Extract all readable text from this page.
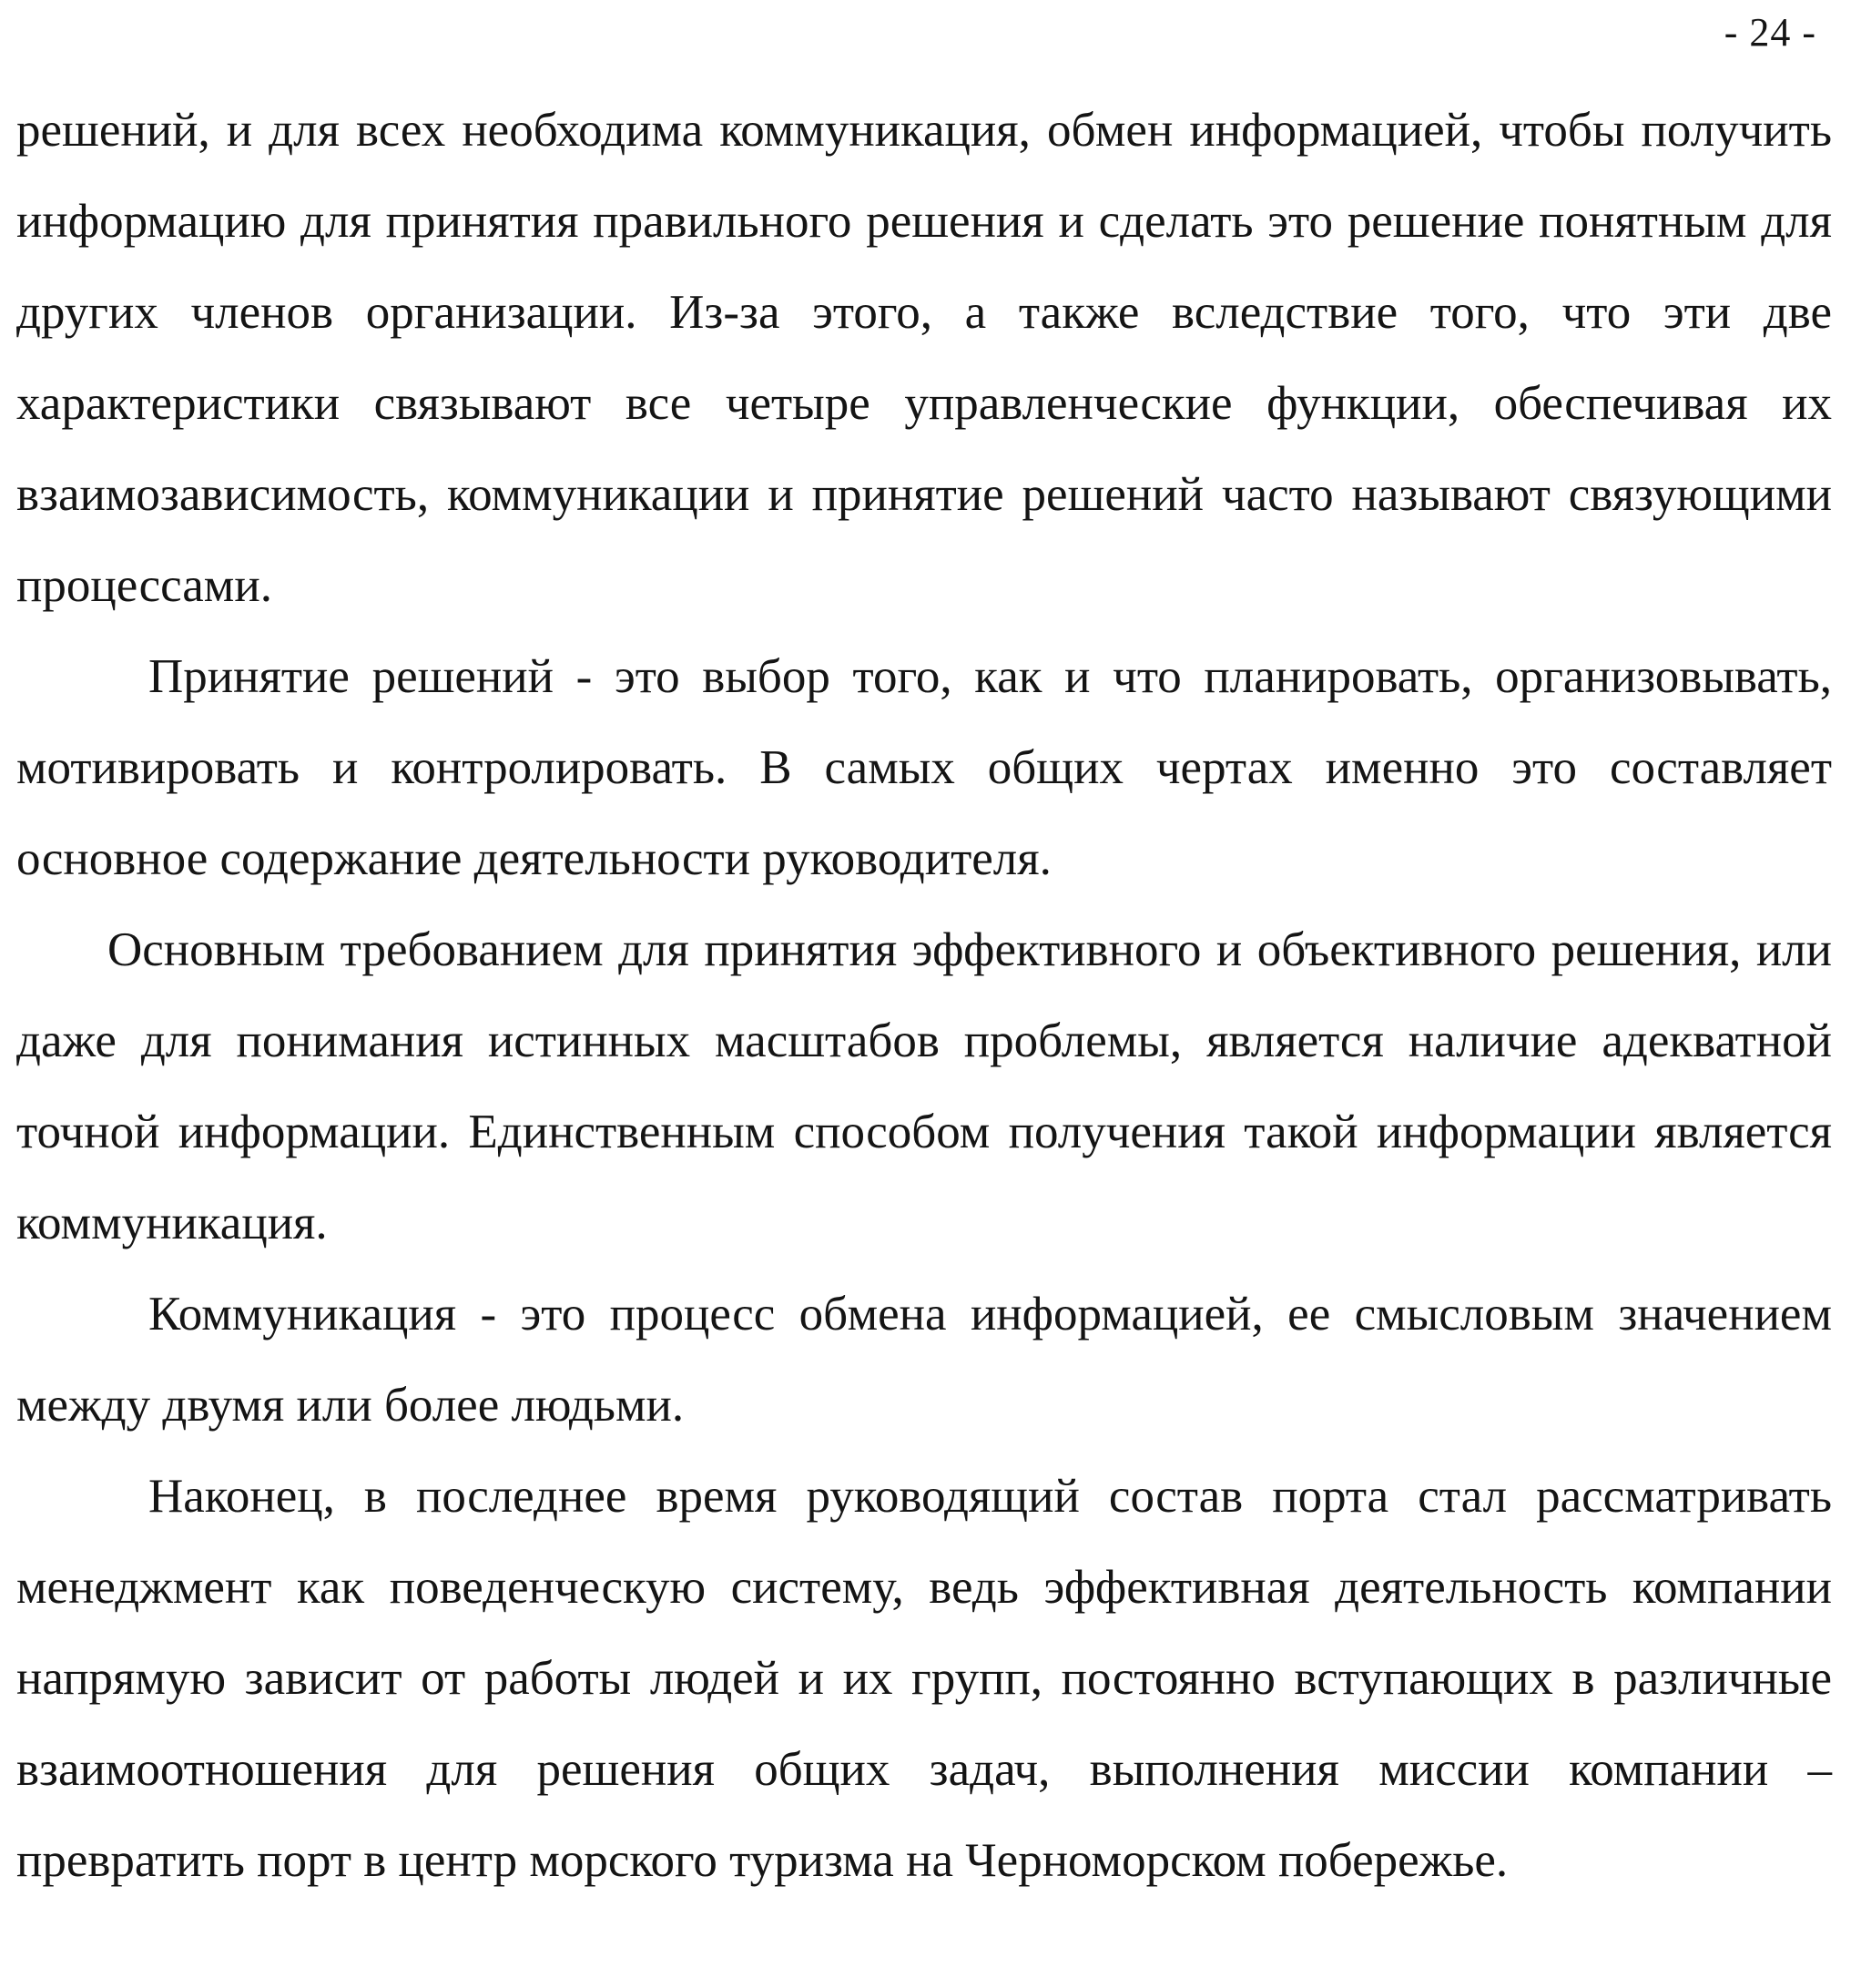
- 24 -

решений, и для всех необходима коммуникация, обмен информацией, чтобы получить информацию для принятия правильного решения и сделать это решение понятным для других членов организации. Из-за этого, а также вследствие того, что эти две характеристики связывают все четыре управленческие функции, обеспечивая их взаимозависимость, коммуникации и принятие решений часто называют связующими процессами.

Принятие решений - это выбор того, как и что планировать, организовывать, мотивировать и контролировать. В самых общих чертах именно это составляет основное содержание деятельности руководителя.

Основным требованием для принятия эффективного и объективного решения, или даже для понимания истинных масштабов проблемы, является наличие адекватной точной информации. Единственным способом получения такой информации является коммуникация.

Коммуникация - это процесс обмена информацией, ее смысловым значением между двумя или более людьми.

Наконец, в последнее время руководящий состав порта стал рассматривать менеджмент как поведенческую систему, ведь эффективная деятельность компании напрямую зависит от работы людей и их групп, постоянно вступающих в различные взаимоотношения для решения общих задач, выполнения миссии компании – превратить порт в центр морского туризма на Черноморском побережье.
